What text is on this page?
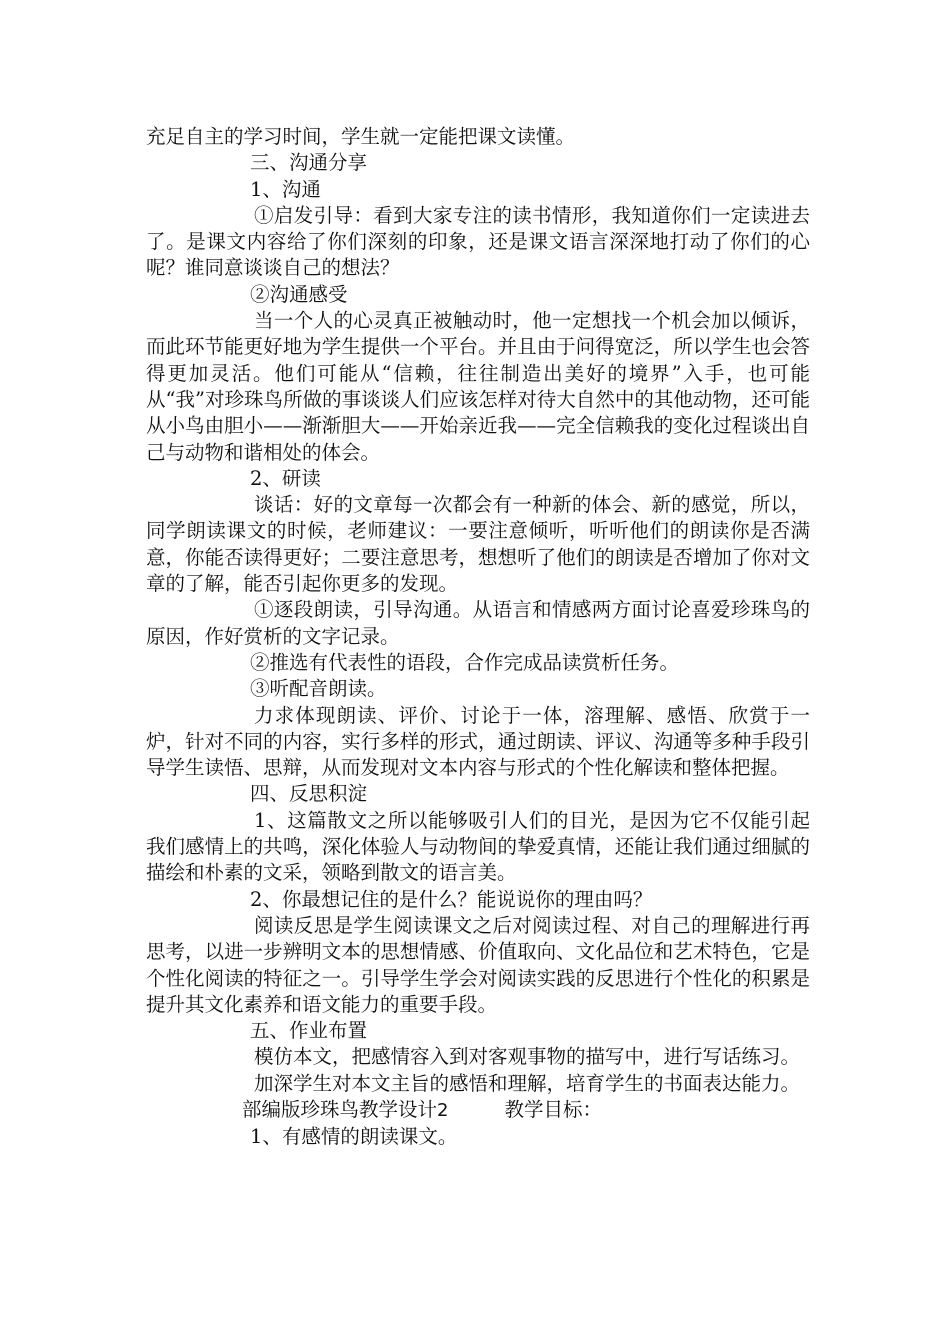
充足自主的学习时间，学生就一定能把课文读懂。

三、沟通分享

1、沟通

①启发引导：看到大家专注的读书情形，我知道你们一定读进去了。是课文内容给了你们深刻的印象，还是课文语言深深地打动了你们的心呢？谁同意谈谈自己的想法？

②沟通感受

当一个人的心灵真正被触动时，他一定想找一个机会加以倾诉，而此环节能更好地为学生提供一个平台。并且由于问得宽泛，所以学生也会答得更加灵活。他们可能从“信赖，往往制造出美好的境界”入手，也可能从“我”对珍珠鸟所做的事谈谈人们应该怎样对待大自然中的其他动物，还可能从小鸟由胆小——渐渐胆大——开始亲近我——完全信赖我的变化过程谈出自己与动物和谐相处的体会。

2、研读

谈话：好的文章每一次都会有一种新的体会、新的感觉，所以，同学朗读课文的时候，老师建议：一要注意倾听，听听他们的朗读你是否满意，你能否读得更好；二要注意思考，想想听了他们的朗读是否增加了你对文章的了解，能否引起你更多的发现。

①逐段朗读，引导沟通。从语言和情感两方面讨论喜爱珍珠鸟的原因，作好赏析的文字记录。

②推选有代表性的语段，合作完成品读赏析任务。

③听配音朗读。

力求体现朗读、评价、讨论于一体，溶理解、感悟、欣赏于一炉，针对不同的内容，实行多样的形式，通过朗读、评议、沟通等多种手段引导学生读悟、思辩，从而发现对文本内容与形式的个性化解读和整体把握。

四、反思积淀

1、这篇散文之所以能够吸引人们的目光，是因为它不仅能引起我们感情上的共鸣，深化体验人与动物间的挚爱真情，还能让我们通过细腻的描绘和朴素的文采，领略到散文的语言美。

2、你最想记住的是什么？能说说你的理由吗？

阅读反思是学生阅读课文之后对阅读过程、对自己的理解进行再思考，以进一步辨明文本的思想情感、价值取向、文化品位和艺术特色，它是个性化阅读的特征之一。引导学生学会对阅读实践的反思进行个性化的积累是提升其文化素养和语文能力的重要手段。

五、作业布置

模仿本文，把感情容入到对客观事物的描写中，进行写话练习。

加深学生对本文主旨的感悟和理解，培育学生的书面表达能力。

部编版珍珠鸟教学设计2	教学目标：

1、有感情的朗读课文。
